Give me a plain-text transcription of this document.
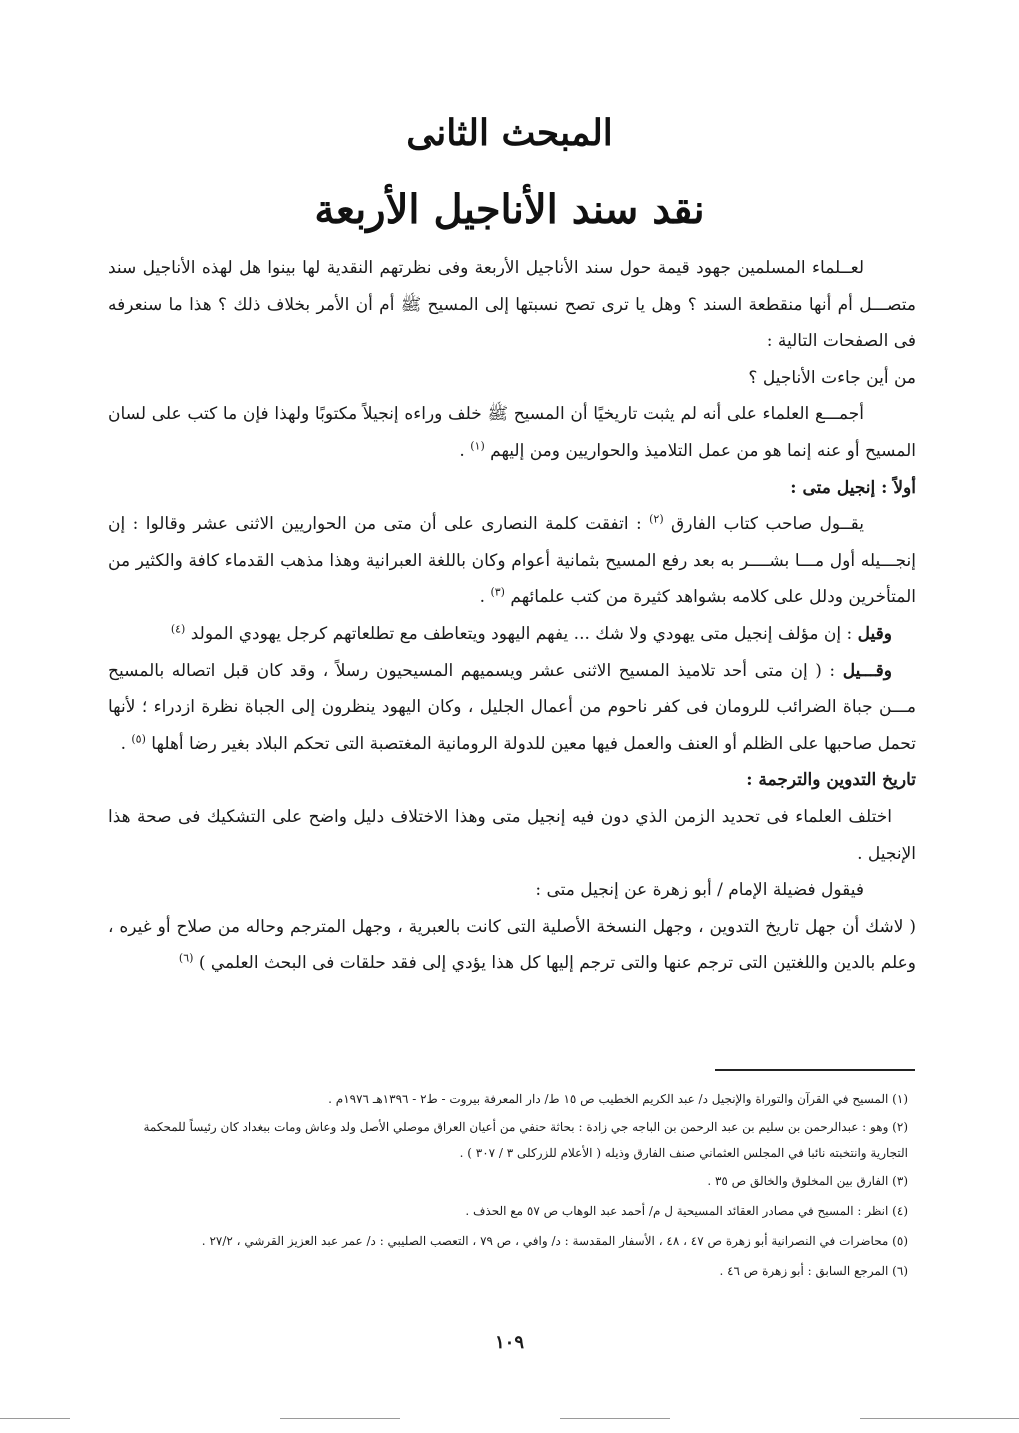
المبحث الثانى
نقد سند الأناجيل الأربعة

لعــلماء المسلمين جهود قيمة حول سند الأناجيل الأربعة وفى نظرتهم النقدية لها بينوا هل لهذه الأناجيل سند متصـــل أم أنها منقطعة السند ؟ وهل يا ترى تصح نسبتها إلى المسيح ﷺ أم أن الأمر بخلاف ذلك ؟ هذا ما سنعرفه فى الصفحات التالية :

من أين جاءت الأناجيل ؟

أجمـــع العلماء على أنه لم يثبت تاريخيًا أن المسيح ﷺ خلف وراءه إنجيلاً مكتوبًا ولهذا فإن ما كتب على لسان المسيح أو عنه إنما هو من عمل التلاميذ والحواريين ومن إليهم $^{(١)}$ .

أولاً : إنجيل متى :

يقــول صاحب كتاب الفارق $^{(٢)}$ : اتفقت كلمة النصارى على أن متى من الحواريين الاثنى عشر وقالوا : إن إنجـــيله أول مـــا بشــــر به بعد رفع المسيح بثمانية أعوام وكان باللغة العبرانية وهذا مذهب القدماء كافة والكثير من المتأخرين ودلل على كلامه بشواهد كثيرة من كتب علمائهم $^{(٣)}$ .

وقيل : إن مؤلف إنجيل متى يهودي ولا شك ... يفهم اليهود ويتعاطف مع تطلعاتهم كرجل يهودي المولد $^{(٤)}$

وقـــيل : ( إن متى أحد تلاميذ المسيح الاثنى عشر ويسميهم المسيحيون رسلاً ، وقد كان قبل اتصاله بالمسيح مـــن جباة الضرائب للرومان فى كفر ناحوم من أعمال الجليل ، وكان اليهود ينظرون إلى الجباة نظرة ازدراء ؛ لأنها تحمل صاحبها على الظلم أو العنف والعمل فيها معين للدولة الرومانية المغتصبة التى تحكم البلاد بغير رضا أهلها $^{(٥)}$ .

تاريخ التدوين والترجمة :

اختلف العلماء فى تحديد الزمن الذي دون فيه إنجيل متى وهذا الاختلاف دليل واضح على التشكيك فى صحة هذا الإنجيل .

فيقول فضيلة الإمام / أبو زهرة عن إنجيل متى :

( لاشك أن جهل تاريخ التدوين ، وجهل النسخة الأصلية التى كانت بالعبرية ، وجهل المترجم وحاله من صلاح أو غيره ، وعلم بالدين واللغتين التى ترجم عنها والتى ترجم إليها كل هذا يؤدي إلى فقد حلقات فى البحث العلمي ) $^{(٦)}$

(١) المسيح في القرآن والتوراة والإنجيل د/ عبد الكريم الخطيب ص ١٥ ط/ دار المعرفة بيروت - ط٢ - ١٣٩٦هـ ١٩٧٦م .
(٢) وهو : عبدالرحمن بن سليم بن عبد الرحمن بن الباجه جي زادة : بحاثة حنفي من أعيان العراق موصلي الأصل ولد وعاش ومات ببغداد كان رئيساً للمحكمة التجارية وانتخبته نائبا في المجلس العثماني صنف الفارق وذيله ( الأعلام للزركلى ٣ / ٣٠٧ ) .
(٣) الفارق بين المخلوق والخالق ص ٣٥ .
(٤) انظر : المسيح في مصادر العقائد المسيحية ل م/ أحمد عبد الوهاب ص ٥٧ مع الحذف .
(٥) محاضرات في النصرانية أبو زهرة ص ٤٧ ، ٤٨ ، الأسفار المقدسة : د/ وافي ، ص ٧٩ ، التعصب الصليبي : د/ عمر عبد العزيز القرشي ، ٢٧/٢ .
(٦) المرجع السابق : أبو زهرة ص ٤٦ .
١٠٩
